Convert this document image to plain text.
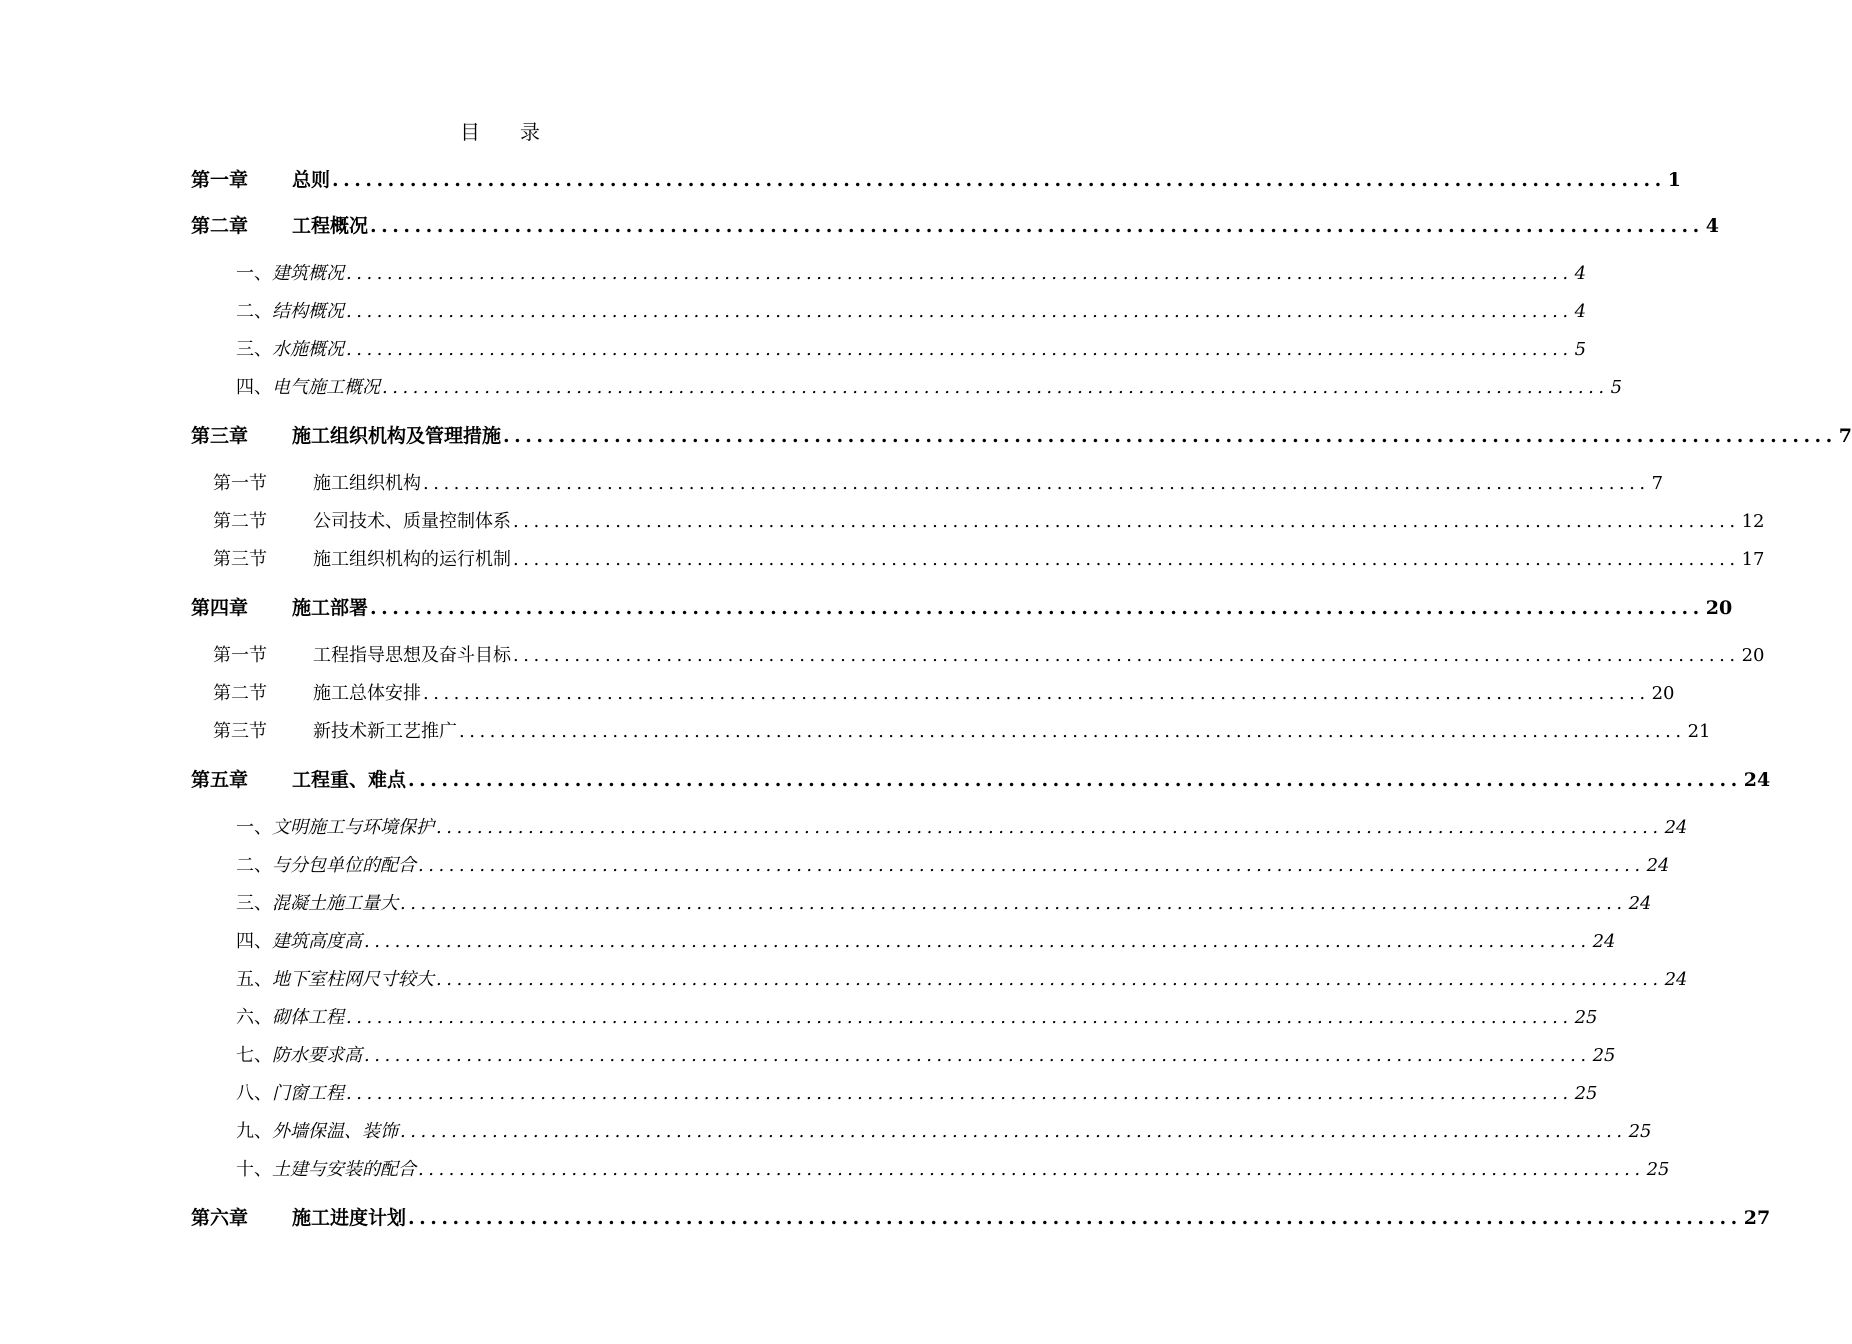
目 录
第一章	总则 ........................................................................................................................ 1
第二章	工程概况 ........................................................................................................................ 4
一、 建筑概况 ........................................................................................................................ 4
二、 结构概况 ........................................................................................................................ 4
三、 水施概况 ........................................................................................................................ 5
四、 电气施工概况 ........................................................................................................................ 5
第三章	施工组织机构及管理措施 ........................................................................................................................ 7
第一节	施工组织机构 ........................................................................................................................ 7
第二节	公司技术、质量控制体系 ........................................................................................................................ 12
第三节	施工组织机构的运行机制 ........................................................................................................................ 17
第四章	施工部署 ........................................................................................................................ 20
第一节	工程指导思想及奋斗目标 ........................................................................................................................ 20
第二节	施工总体安排 ........................................................................................................................ 20
第三节	新技术新工艺推广 ........................................................................................................................ 21
第五章	工程重、难点 ........................................................................................................................ 24
一、 文明施工与环境保护 ........................................................................................................................ 24
二、 与分包单位的配合 ........................................................................................................................ 24
三、 混凝土施工量大 ........................................................................................................................ 24
四、 建筑高度高 ........................................................................................................................ 24
五、 地下室柱网尺寸较大 ........................................................................................................................ 24
六、 砌体工程 ........................................................................................................................ 25
七、 防水要求高 ........................................................................................................................ 25
八、 门窗工程 ........................................................................................................................ 25
九、 外墙保温、装饰 ........................................................................................................................ 25
十、 土建与安装的配合 ........................................................................................................................ 25
第六章	施工进度计划 ........................................................................................................................ 27
